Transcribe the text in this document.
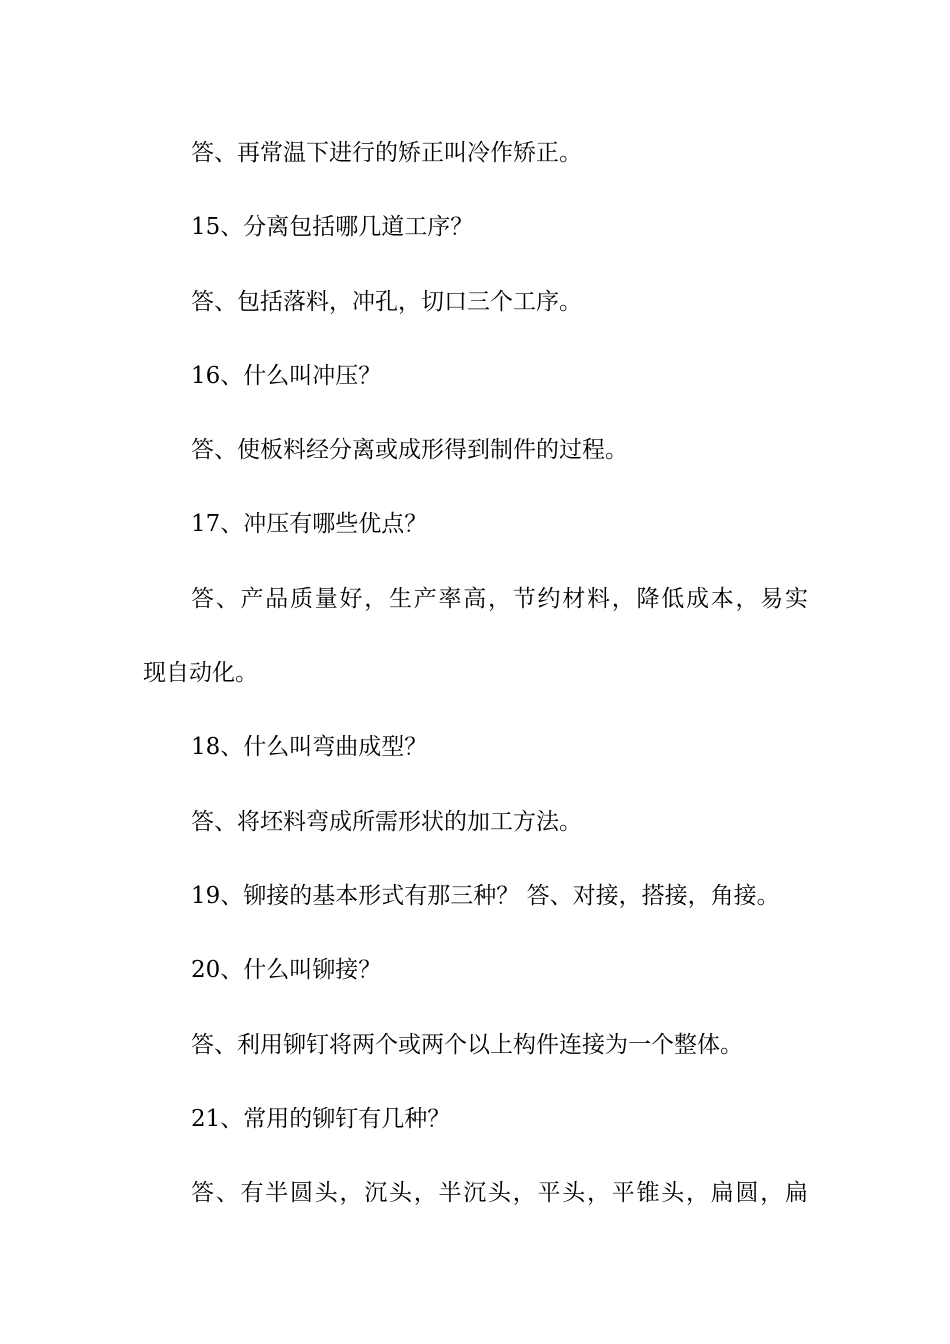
答、再常温下进行的矫正叫冷作矫正。
15、分离包括哪几道工序？
答、包括落料，冲孔，切口三个工序。
16、什么叫冲压？
答、使板料经分离或成形得到制件的过程。
17、冲压有哪些优点？
答、产品质量好，生产率高，节约材料，降低成本，易实
现自动化。
18、什么叫弯曲成型？
答、将坯料弯成所需形状的加工方法。
19、铆接的基本形式有那三种？ 答、对接，搭接，角接。
20、什么叫铆接？
答、利用铆钉将两个或两个以上构件连接为一个整体。
21、常用的铆钉有几种？
答、有半圆头，沉头，半沉头，平头，平锥头，扁圆，扁
